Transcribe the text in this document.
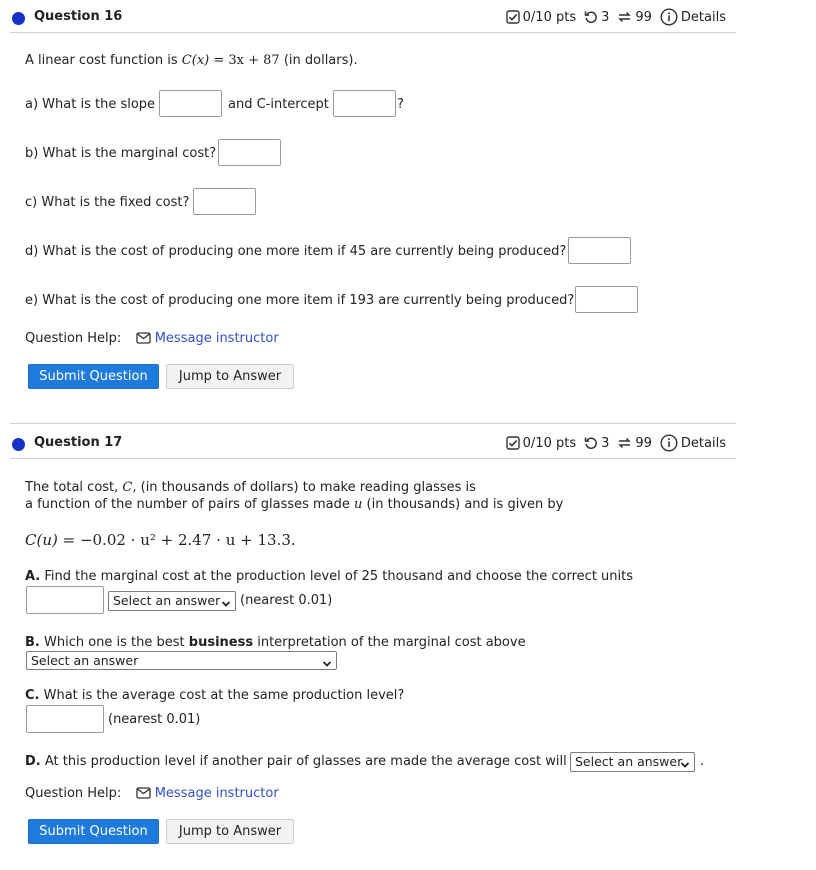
Question 16	0/10 pts 3 99 Details
A linear cost function is C(x) = 3x + 87 (in dollars).
a) What is the slope	and C-intercept	?
b) What is the marginal cost?
c) What is the fixed cost?
d) What is the cost of producing one more item if 45 are currently being produced?
e) What is the cost of producing one more item if 193 are currently being produced?
Question Help:	Message instructor
Submit Question	Jump to Answer
Question 17	0/10 pts 3 99 Details
The total cost, C, (in thousands of dollars) to make reading glasses is
a function of the number of pairs of glasses made u (in thousands) and is given by
C(u) = −0.02 · u² + 2.47 · u + 13.3.
A. Find the marginal cost at the production level of 25 thousand and choose the correct units
Select an answer	(nearest 0.01)
B. Which one is the best business interpretation of the marginal cost above
Select an answer
C. What is the average cost at the same production level?
(nearest 0.01)
D. At this production level if another pair of glasses are made the average cost will Select an answer	.
Question Help:	Message instructor
Submit Question	Jump to Answer
